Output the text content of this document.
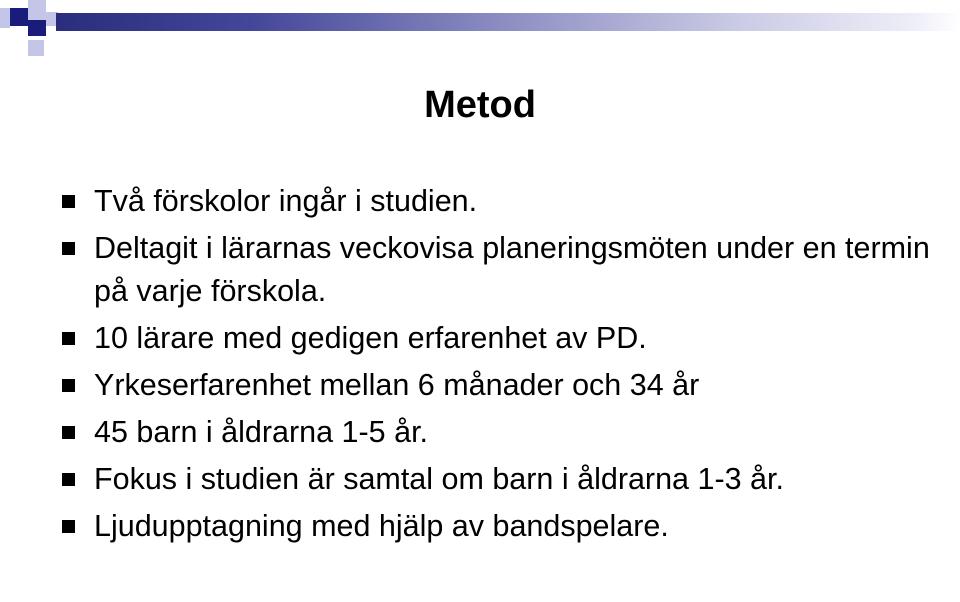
Metod
Två förskolor ingår i studien.
Deltagit i lärarnas veckovisa planeringsmöten under en termin på varje förskola.
10 lärare med gedigen erfarenhet av PD.
Yrkeserfarenhet mellan 6 månader och 34 år
45 barn i åldrarna 1-5 år.
Fokus i studien är samtal om barn i åldrarna 1-3 år.
Ljudupptagning med hjälp av bandspelare.
